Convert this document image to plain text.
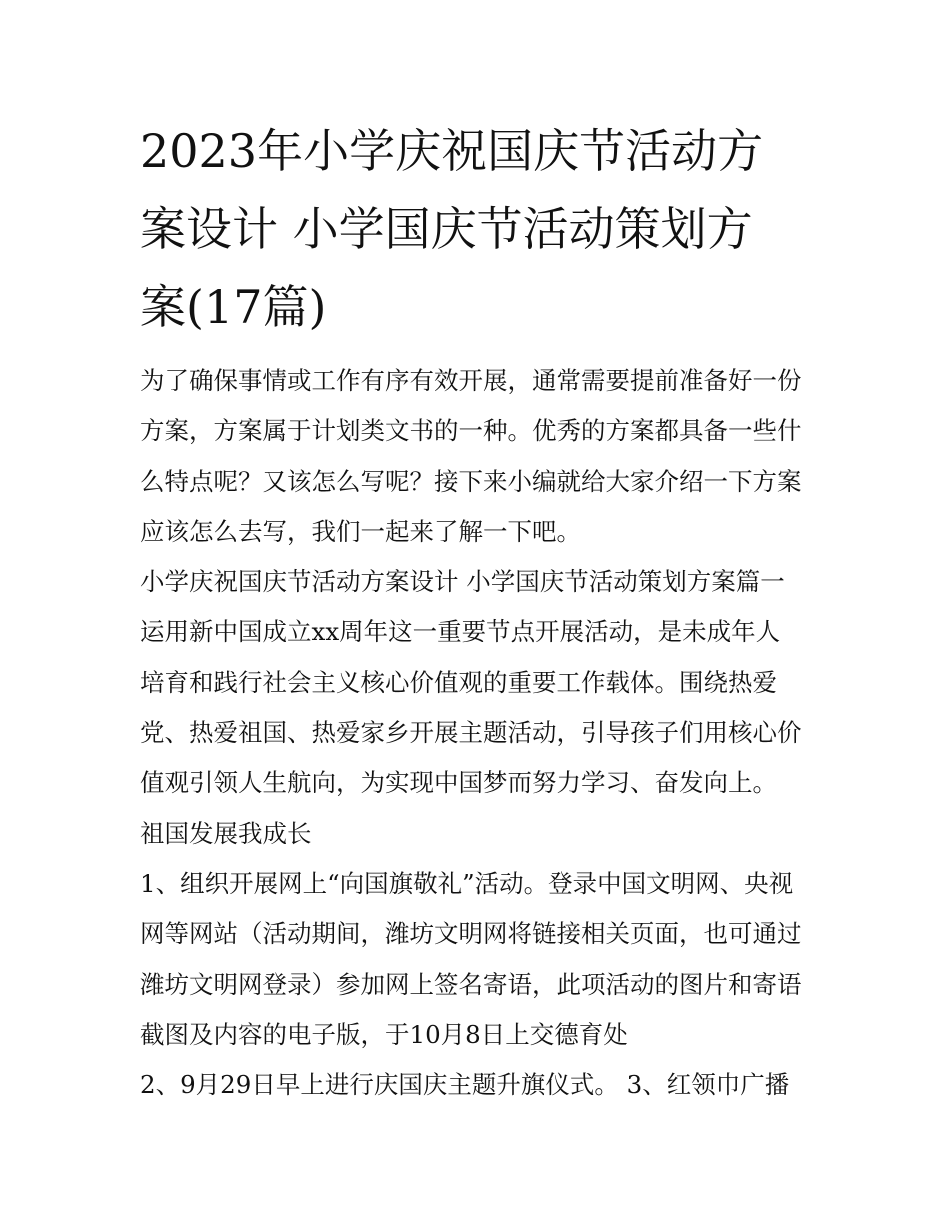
2023年小学庆祝国庆节活动方
案设计 小学国庆节活动策划方
案(17篇)
为了确保事情或工作有序有效开展，通常需要提前准备好一份
方案，方案属于计划类文书的一种。优秀的方案都具备一些什
么特点呢？又该怎么写呢？接下来小编就给大家介绍一下方案
应该怎么去写，我们一起来了解一下吧。
小学庆祝国庆节活动方案设计 小学国庆节活动策划方案篇一
运用新中国成立xx周年这一重要节点开展活动，是未成年人
培育和践行社会主义核心价值观的重要工作载体。围绕热爱
党、热爱祖国、热爱家乡开展主题活动，引导孩子们用核心价
值观引领人生航向，为实现中国梦而努力学习、奋发向上。
祖国发展我成长
1、组织开展网上“向国旗敬礼”活动。登录中国文明网、央视
网等网站（活动期间，潍坊文明网将链接相关页面，也可通过
潍坊文明网登录）参加网上签名寄语，此项活动的图片和寄语
截图及内容的电子版，于10月8日上交德育处
2、9月29日早上进行庆国庆主题升旗仪式。 3、红领巾广播
